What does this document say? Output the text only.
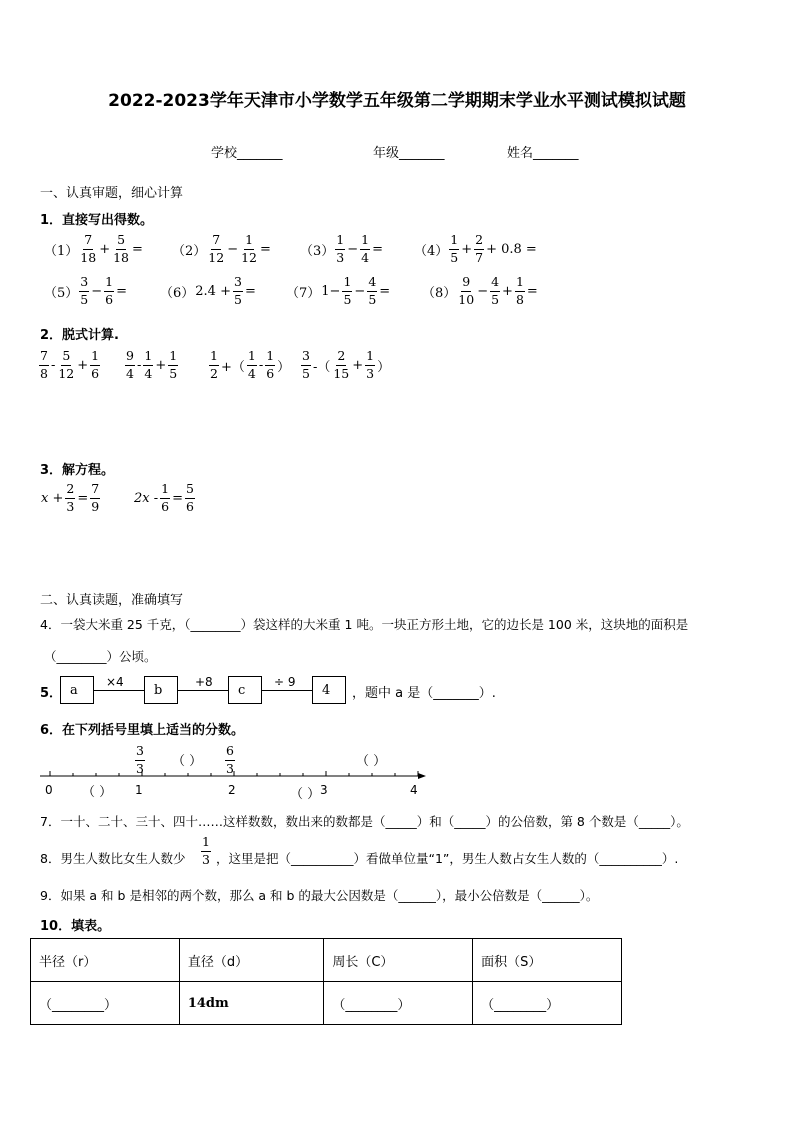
2022-2023学年天津市小学数学五年级第二学期期末学业水平测试模拟试题
学校_______	年级_______	姓名_______
一、认真审题，细心计算
1．直接写出得数。
$(1) \frac{7}{18} + \frac{5}{18} = (2) \frac{7}{12} - \frac{1}{12} = (3) \frac{1}{3} - \frac{1}{4} = (4) \frac{1}{5} + \frac{2}{7} + 0.8$ =
$(5) \frac{3}{5} - \frac{1}{6}$ =	（6） $2.4 + \frac{3}{5} = (7)$ $1- \frac{1}{5} - \frac{4}{5} = (8) \frac{9}{10} - \frac{4}{5} + \frac{1}{8}$ =
2．脱式计算.
$\frac{7}{8} - \frac{5}{12} + \frac{1}{6} \frac{9}{4} - \frac{1}{4} + \frac{1}{5} \frac{1}{2}$ +（ $\frac{1}{4} - \frac{1}{6}$ ） $\frac{3}{5}$ -（ $\frac{2}{15} + \frac{1}{3}$ ）
3．解方程。
$x + \frac{2}{3} = \frac{7}{9}$	$2x - \frac{1}{6} = \frac{5}{6}$
二、认真读题，准确填写
4．一袋大米重 25 千克，（________）袋这样的大米重 1 吨。一块正方形土地，它的边长是 100 米，这块地的面积是
（________）公顷。
5． a
×4
b
+8
c
÷ 9
4 ，题中 a 是（_______）.
6．在下列括号里填上适当的分数。
$\frac{3}{3}$	$\frac{6}{3}$
（ ）	（ ）
（ ）	（ ）
0	1	2	3	4
7．一十、二十、三十、四十……这样数数，数出来的数都是（_____）和（_____）的公倍数，第 8 个数是（_____）。
8．男生人数比女生人数少 $\frac{1}{3}$ ，这里是把（__________）看做单位量“1”，男生人数占女生人数的（__________）.
9．如果 a 和 b 是相邻的两个数，那么 a 和 b 的最大公因数是（______），最小公倍数是（______）。
10．填表。
半径（r）	直径（d）	周长（C）	面积（S）
（________）	14dm	（________）	（________）
